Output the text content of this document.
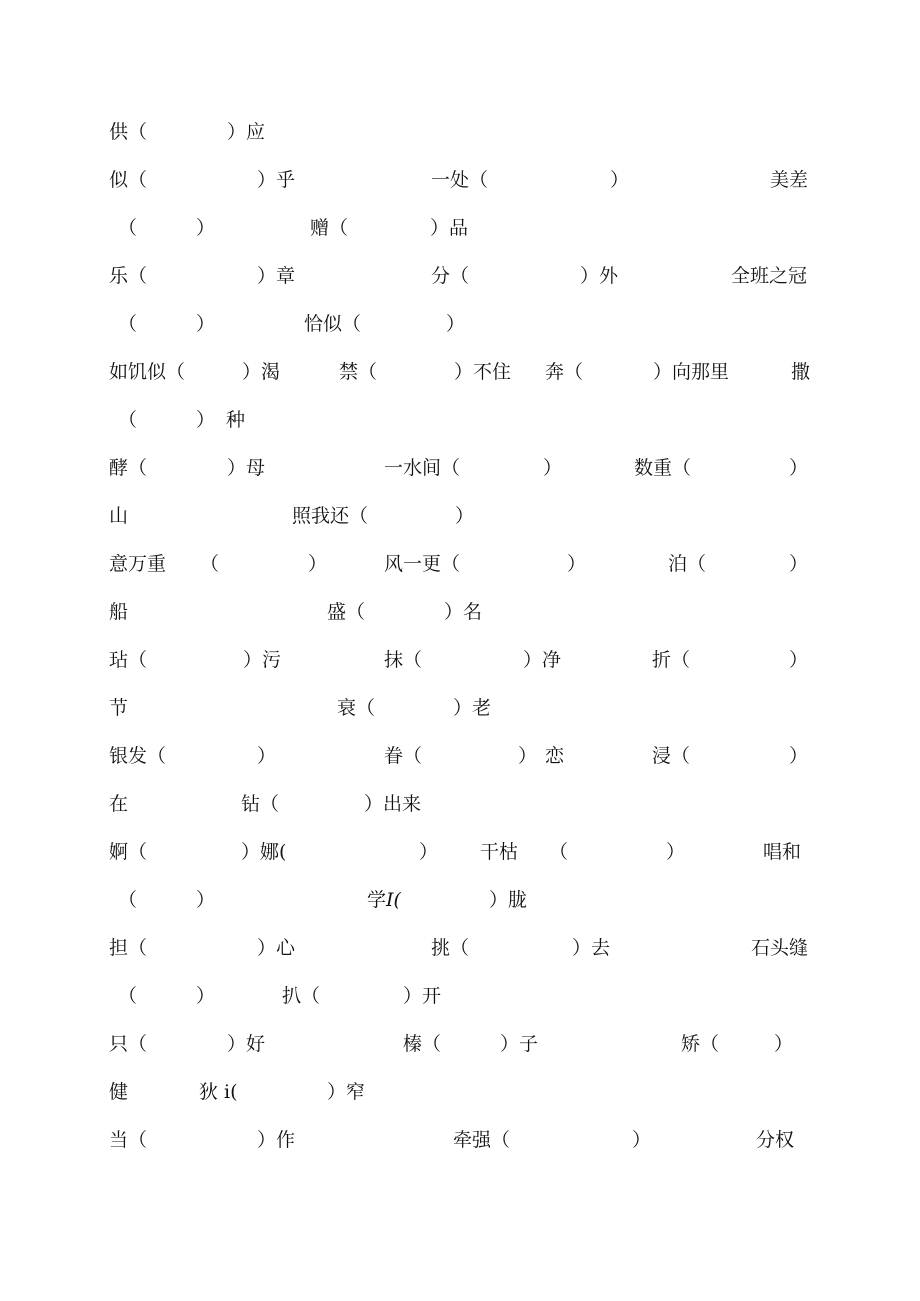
供（	）应
似（	）乎	一处（	）	美差
（	）	赠（	）品
乐（	）章	分（	）外	全班之冠
（	）	恰似（	）
如饥似（	）渴	禁（	）不住 奔（	）向那里	撒
（	） 种
酵（	）母	一水间（	）	数重（	）
山	照我还（	）
意万重 （	）	风一更（	）	泊（	）
船	盛（	）名
玷（	）污	抹（	）净	折（	）
节	衰（	）老
银发（	）	眷（	） 恋	浸（	）
在	钻（	）出来
婀（	）娜(	） 干枯 （	）	唱和
（	）	学 I(	）胧
担（	）心	挑（	）去	石头缝
（	）	扒（	）开
只（	）好	榛（	）子	矫（	）
健	狄 i(	）窄
当（	）作	牵强（	）	分权
